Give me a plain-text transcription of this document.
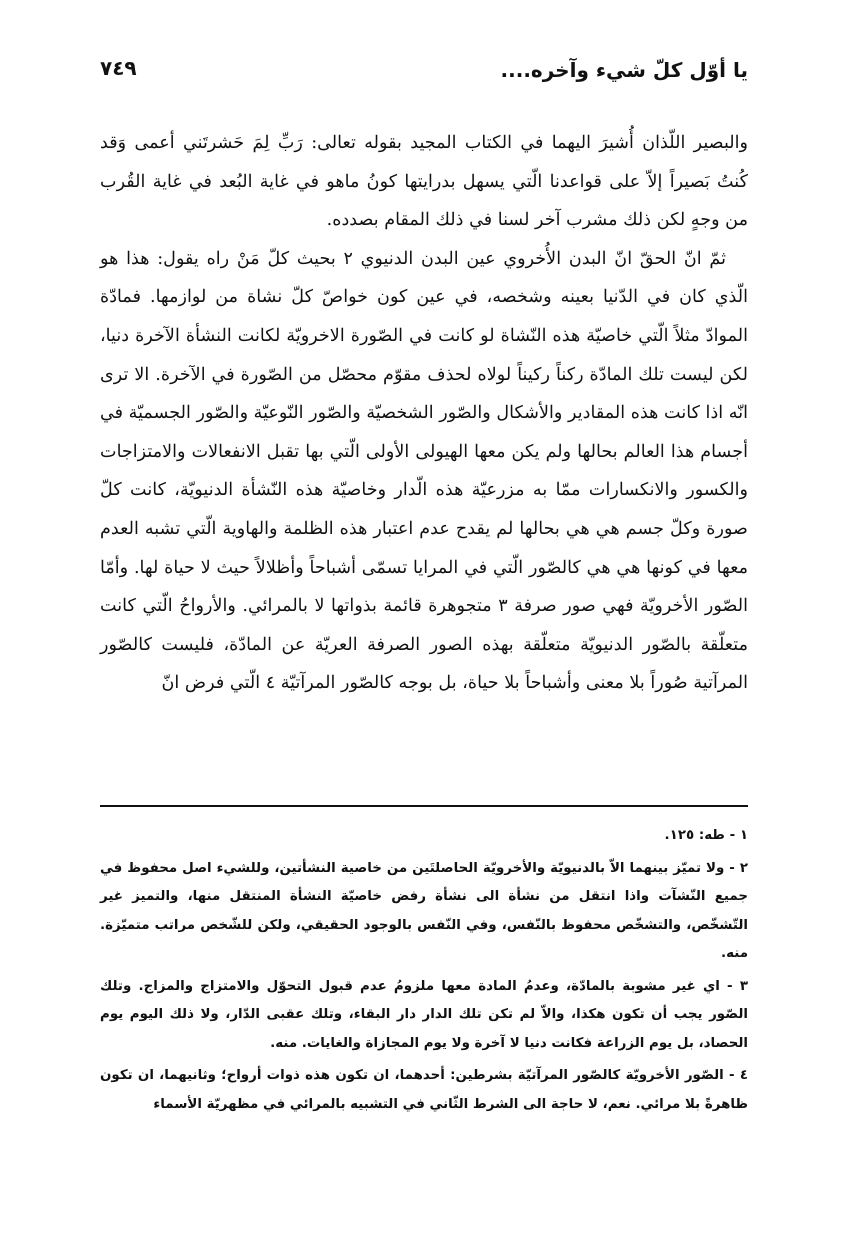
يا أوّل كلّ شيء وآخره....
٧٤٩

والبصير اللّذان أُشيرَ اليهما في الكتاب المجيد بقوله تعالى: رَبِّ لِمَ حَشرتَني أعمى وَقد كُنتُ بَصيراً إلاّ على قواعدنا الّتي يسهل بدرايتها كونُ ماهو في غاية البُعد في غاية القُرب من وجهٍ لكن ذلك مشرب آخر لسنا في ذلك المقام بصدده.

ثمّ انّ الحقّ انّ البدن الأُخروي عين البدن الدنيوي ٢ بحيث كلّ مَنْ راه يقول: هذا هو الّذي كان في الدّنيا بعينه وشخصه، في عين كون خواصّ كلّ نشاة من لوازمها. فمادّة الموادّ مثلاً الّتي خاصيّة هذه النّشاة لو كانت في الصّورة الاخرويّة لكانت النشأة الآخرة دنيا، لكن ليست تلك المادّة ركناً ركيناً لولاه لحذف مقوّم محصّل من الصّورة في الآخرة. الا ترى انّه اذا كانت هذه المقادير والأشكال والصّور الشخصيّة والصّور النّوعيّة والصّور الجسميّة في أجسام هذا العالم بحالها ولم يكن معها الهيولى الأولى الّتي بها تقبل الانفعالات والامتزاجات والكسور والانكسارات ممّا به مزرعيّة هذه الّدار وخاصيّة هذه النّشأة الدنيويّة، كانت كلّ صورة وكلّ جسم هي هي بحالها لم يقدح عدم اعتبار هذه الظلمة والهاوية الّتي تشبه العدم معها في كونها هي هي كالصّور الّتي في المرايا تسمّى أشباحاً وأظلالاً حيث لا حياة لها. وأمّا الصّور الأخرويّة فهي صور صرفة ٣ متجوهرة قائمة بذواتها لا بالمرائي. والأرواحُ الّتي كانت متعلّقة بالصّور الدنيويّة متعلّقة بهذه الصور الصرفة العريّة عن المادّة، فليست كالصّور المرآتية صُوراً بلا معنى وأشباحاً بلا حياة، بل بوجه كالصّور المرآتيّة ٤ الّتي فرض انّ

١ - طه: ١٢٥.

٢ - ولا تميّز بينهما الاّ بالدنيويّة والأخرويّة الحاصلتَين من خاصية النشأتين، وللشيء اصل محفوظ في جميع النّشآت واذا انتقل من نشأة الى نشأة رفض خاصيّة النشأة المنتقل منها، والتميز غير التّشخّص، والتشخّص محفوظ بالنّفس، وفي النّفس بالوجود الحقيقي، ولكن للشّخص مراتب متميّزة. منه.

٣ - اي غير مشوبة بالمادّة، وعدمُ المادة معها ملزومُ عدم قبول التحوّل والامتزاج والمزاج. وتلك الصّور يجب أن تكون هكذا، والاّ لم تكن تلك الدار دار البقاء، وتلك عقبى الدّار، ولا ذلك اليوم يوم الحصاد، بل يوم الزراعة فكانت دنيا لا آخرة ولا يوم المجازاة والغايات. منه.

٤ - الصّور الأخرويّة كالصّور المرآتيّة بشرطين: أحدهما، ان تكون هذه ذوات أرواح؛ وثانيهما، ان تكون ظاهرةً بلا مرائي. نعم، لا حاجة الى الشرط الثّاني في التشبيه بالمرائي في مظهريّة الأسماء
